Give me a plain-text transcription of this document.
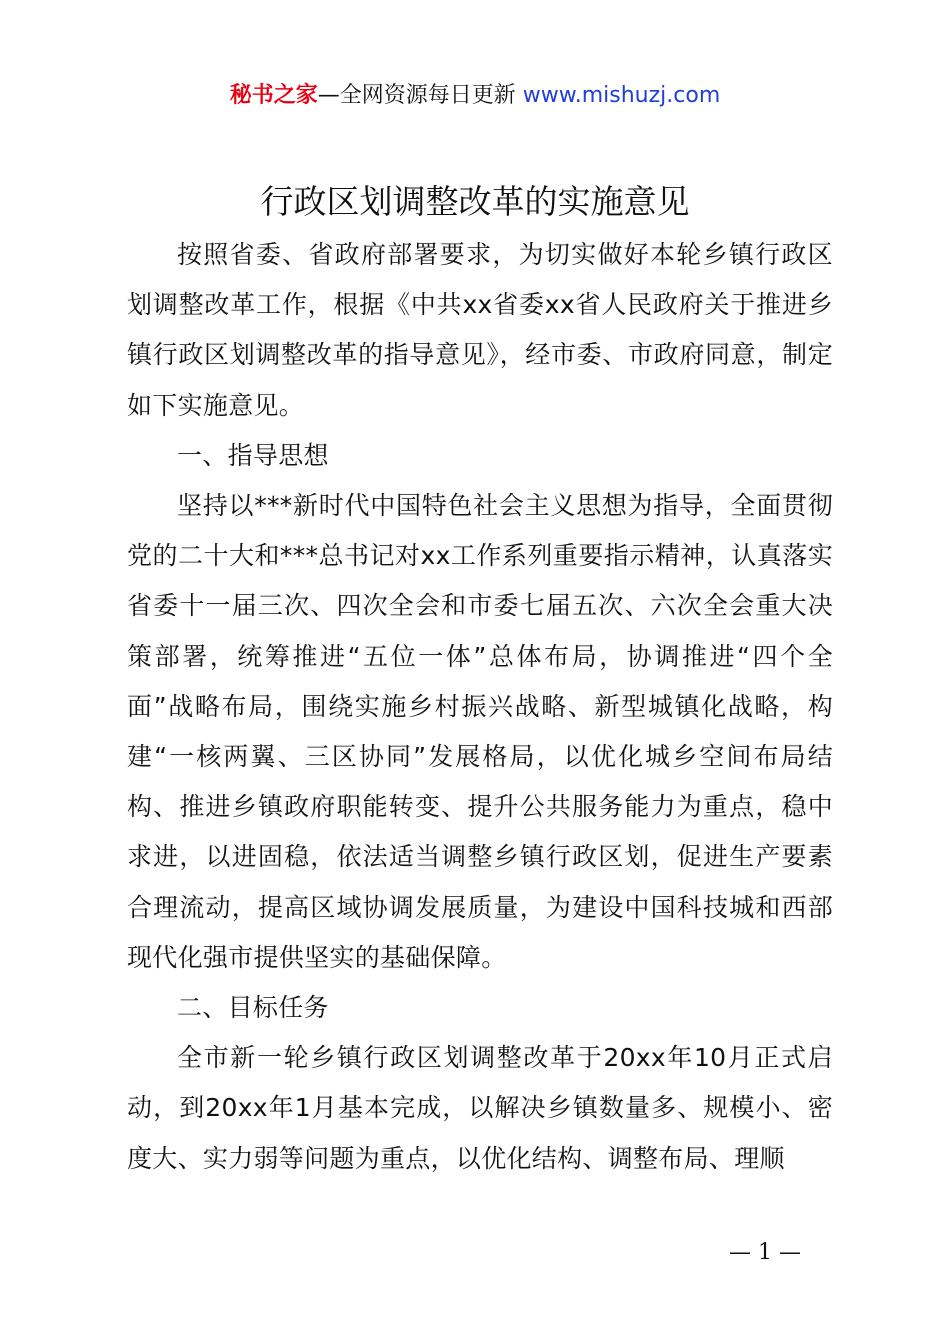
秘书之家—全网资源每日更新 www.mishuzj.com
行政区划调整改革的实施意见

按照省委、省政府部署要求，为切实做好本轮乡镇行政区划调整改革工作，根据《中共xx省委xx省人民政府关于推进乡镇行政区划调整改革的指导意见》，经市委、市政府同意，制定如下实施意见。

一、指导思想

坚持以***新时代中国特色社会主义思想为指导，全面贯彻党的二十大和***总书记对xx工作系列重要指示精神，认真落实省委十一届三次、四次全会和市委七届五次、六次全会重大决策部署，统筹推进“五位一体”总体布局，协调推进“四个全面”战略布局，围绕实施乡村振兴战略、新型城镇化战略，构建“一核两翼、三区协同”发展格局，以优化城乡空间布局结构、推进乡镇政府职能转变、提升公共服务能力为重点，稳中求进，以进固稳，依法适当调整乡镇行政区划，促进生产要素合理流动，提高区域协调发展质量，为建设中国科技城和西部现代化强市提供坚实的基础保障。

二、目标任务

全市新一轮乡镇行政区划调整改革于20xx年10月正式启动，到20xx年1月基本完成，以解决乡镇数量多、规模小、密度大、实力弱等问题为重点，以优化结构、调整布局、理顺

— 1 —
